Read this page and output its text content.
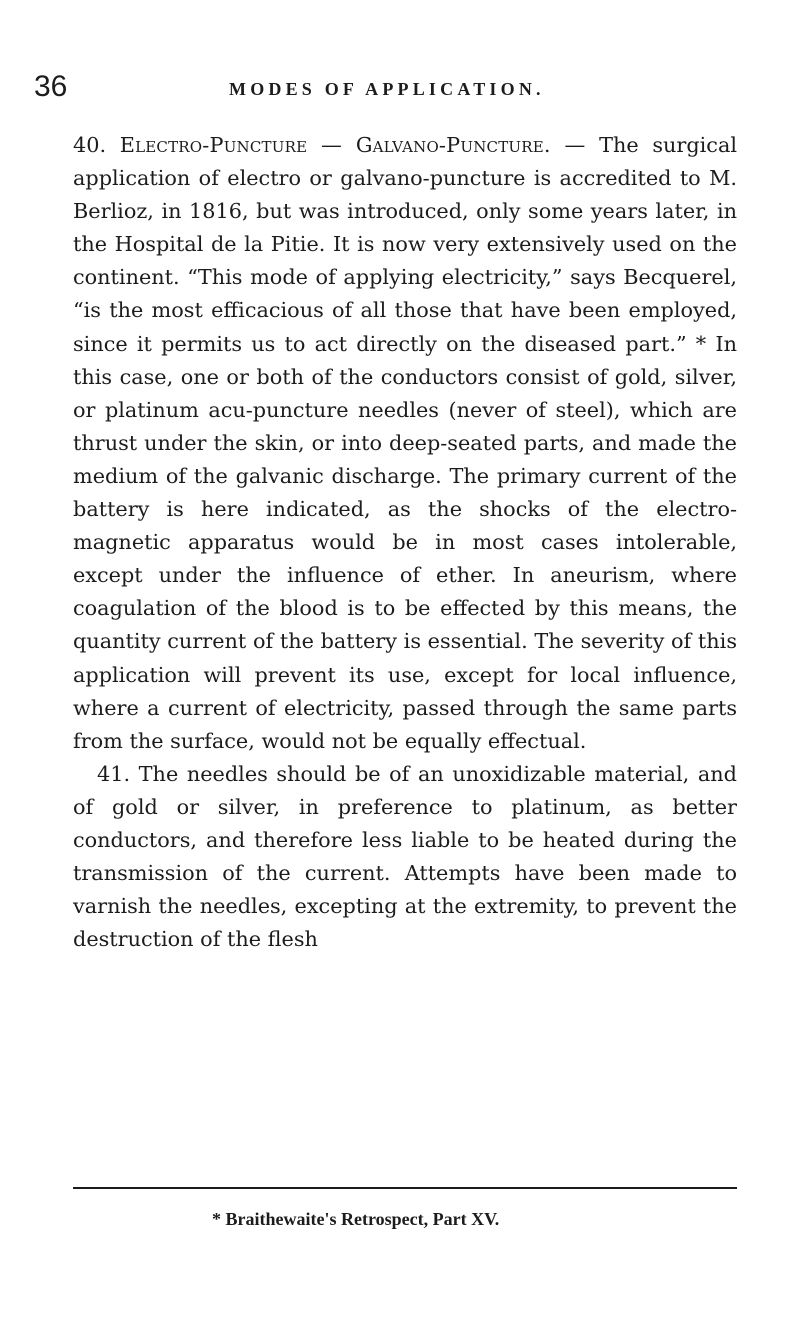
36	MODES OF APPLICATION.

40. Electro-Puncture — Galvano-Puncture. — The surgical application of electro or galvano-puncture is accredited to M. Berlioz, in 1816, but was introduced, only some years later, in the Hospital de la Pitie. It is now very extensively used on the continent. “This mode of applying electricity,” says Becquerel, “is the most efficacious of all those that have been employed, since it permits us to act directly on the diseased part.” * In this case, one or both of the conductors consist of gold, silver, or platinum acu-puncture needles (never of steel), which are thrust under the skin, or into deep-seated parts, and made the medium of the galvanic discharge. The primary current of the battery is here indicated, as the shocks of the electro-magnetic apparatus would be in most cases intolerable, except under the influence of ether. In aneurism, where coagulation of the blood is to be effected by this means, the quantity current of the battery is essential. The severity of this application will prevent its use, except for local influence, where a current of electricity, passed through the same parts from the surface, would not be equally effectual.

41. The needles should be of an unoxidizable material, and of gold or silver, in preference to platinum, as better conductors, and therefore less liable to be heated during the transmission of the current. Attempts have been made to varnish the needles, excepting at the extremity, to prevent the destruction of the flesh

* Braithewaite's Retrospect, Part XV.
